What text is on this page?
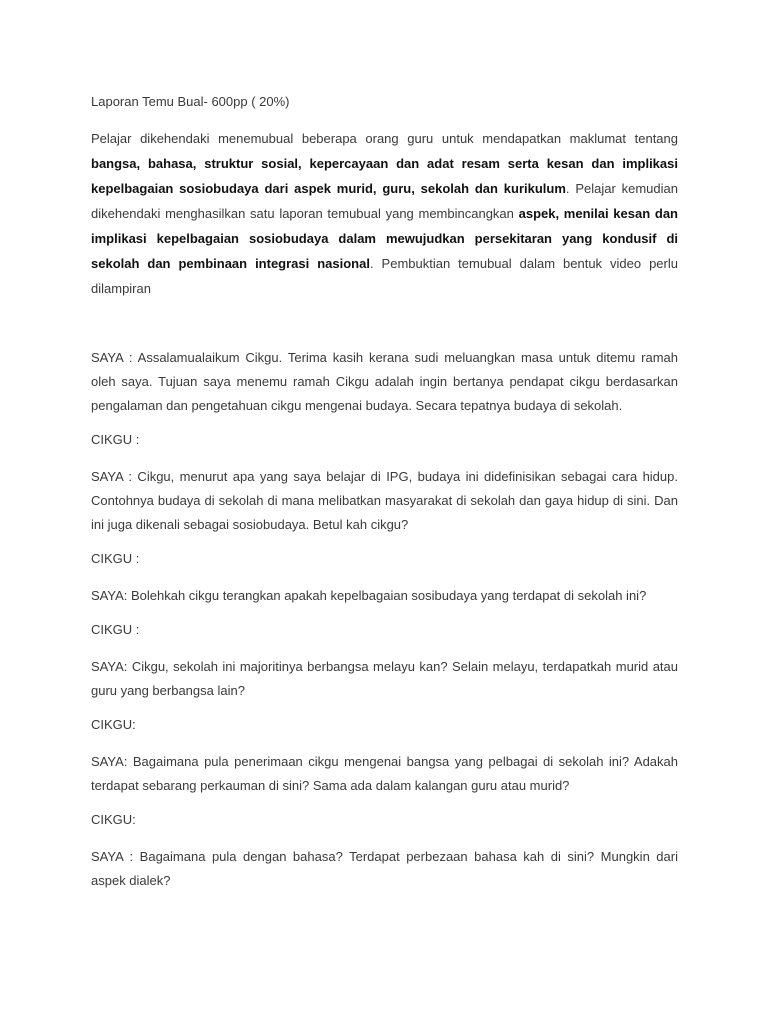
Laporan Temu Bual- 600pp ( 20%)

Pelajar dikehendaki menemubual beberapa orang guru untuk mendapatkan maklumat tentang bangsa, bahasa, struktur sosial, kepercayaan dan adat resam serta kesan dan implikasi kepelbagaian sosiobudaya dari aspek murid, guru, sekolah dan kurikulum. Pelajar kemudian dikehendaki menghasilkan satu laporan temubual yang membincangkan aspek, menilai kesan dan implikasi kepelbagaian sosiobudaya dalam mewujudkan persekitaran yang kondusif di sekolah dan pembinaan integrasi nasional. Pembuktian temubual dalam bentuk video perlu dilampiran

SAYA : Assalamualaikum Cikgu. Terima kasih kerana sudi meluangkan masa untuk ditemu ramah oleh saya. Tujuan saya menemu ramah Cikgu adalah ingin bertanya pendapat cikgu berdasarkan pengalaman dan pengetahuan cikgu mengenai budaya. Secara tepatnya budaya di sekolah.

CIKGU :

SAYA : Cikgu, menurut apa yang saya belajar di IPG, budaya ini didefinisikan sebagai cara hidup. Contohnya budaya di sekolah di mana melibatkan masyarakat di sekolah dan gaya hidup di sini. Dan ini juga dikenali sebagai sosiobudaya. Betul kah cikgu?

CIKGU :

SAYA: Bolehkah cikgu terangkan apakah kepelbagaian sosibudaya yang terdapat di sekolah ini?

CIKGU :

SAYA: Cikgu, sekolah ini majoritinya berbangsa melayu kan? Selain melayu, terdapatkah murid atau guru yang berbangsa lain?

CIKGU:

SAYA: Bagaimana pula penerimaan cikgu mengenai bangsa yang pelbagai di sekolah ini? Adakah terdapat sebarang perkauman di sini? Sama ada dalam kalangan guru atau murid?

CIKGU:

SAYA : Bagaimana pula dengan bahasa? Terdapat perbezaan bahasa kah di sini? Mungkin dari aspek dialek?
